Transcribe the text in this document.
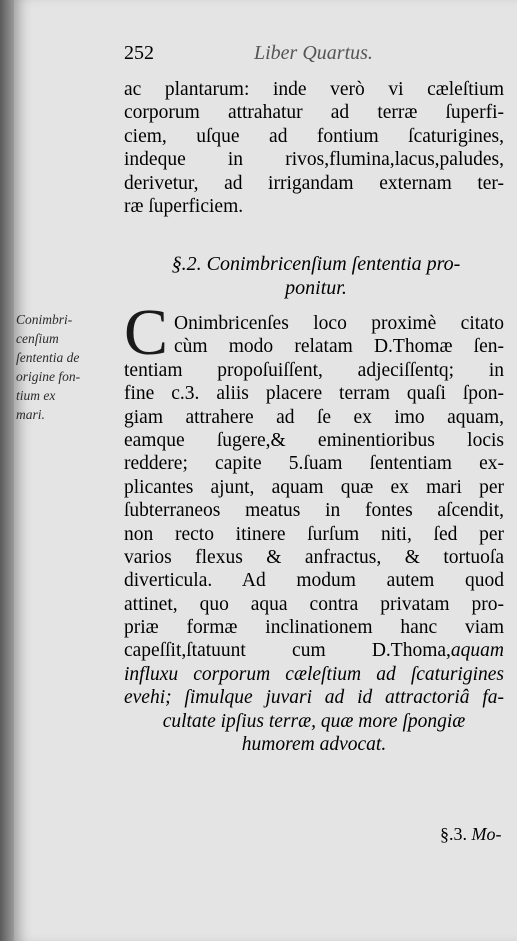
252	Liber Quartus.
ac plantarum: inde verò vi cæleſtium
corporum attrahatur ad terræ ſuperfi-
ciem, uſque ad fontium ſcaturigines,
indeque in rivos,flumina,lacus,paludes,
derivetur, ad irrigandam externam ter-
ræ ſuperficiem.
§.2. Conimbricenſium ſententia pro-
ponitur.
Conimbri-
cenſium
ſententia de
origine fon-
tium ex
mari.
C Onimbricenſes loco proximè citato
cùm modo relatam D.Thomæ ſen-
tentiam propoſuiſſent, adjeciſſentq; in
fine c.3. aliis placere terram quaſi ſpon-
giam attrahere ad ſe ex imo aquam,
eamque ſugere,& eminentioribus locis
reddere; capite 5.ſuam ſententiam ex-
plicantes ajunt, aquam quæ ex mari per
ſubterraneos meatus in fontes aſcendit,
non recto itinere ſurſum niti, ſed per
varios flexus & anfractus, & tortuoſa
diverticula. Ad modum autem quod
attinet, quo aqua contra privatam pro-
priæ formæ inclinationem hanc viam
capeſſit,ſtatuunt cum D.Thoma,aquam
influxu corporum cæleſtium ad ſcaturigines
evehi; ſimulque juvari ad id attractoriâ fa-
cultate ipſius terræ, quæ more ſpongiæ
humorem advocat.
§.3. Mo-
